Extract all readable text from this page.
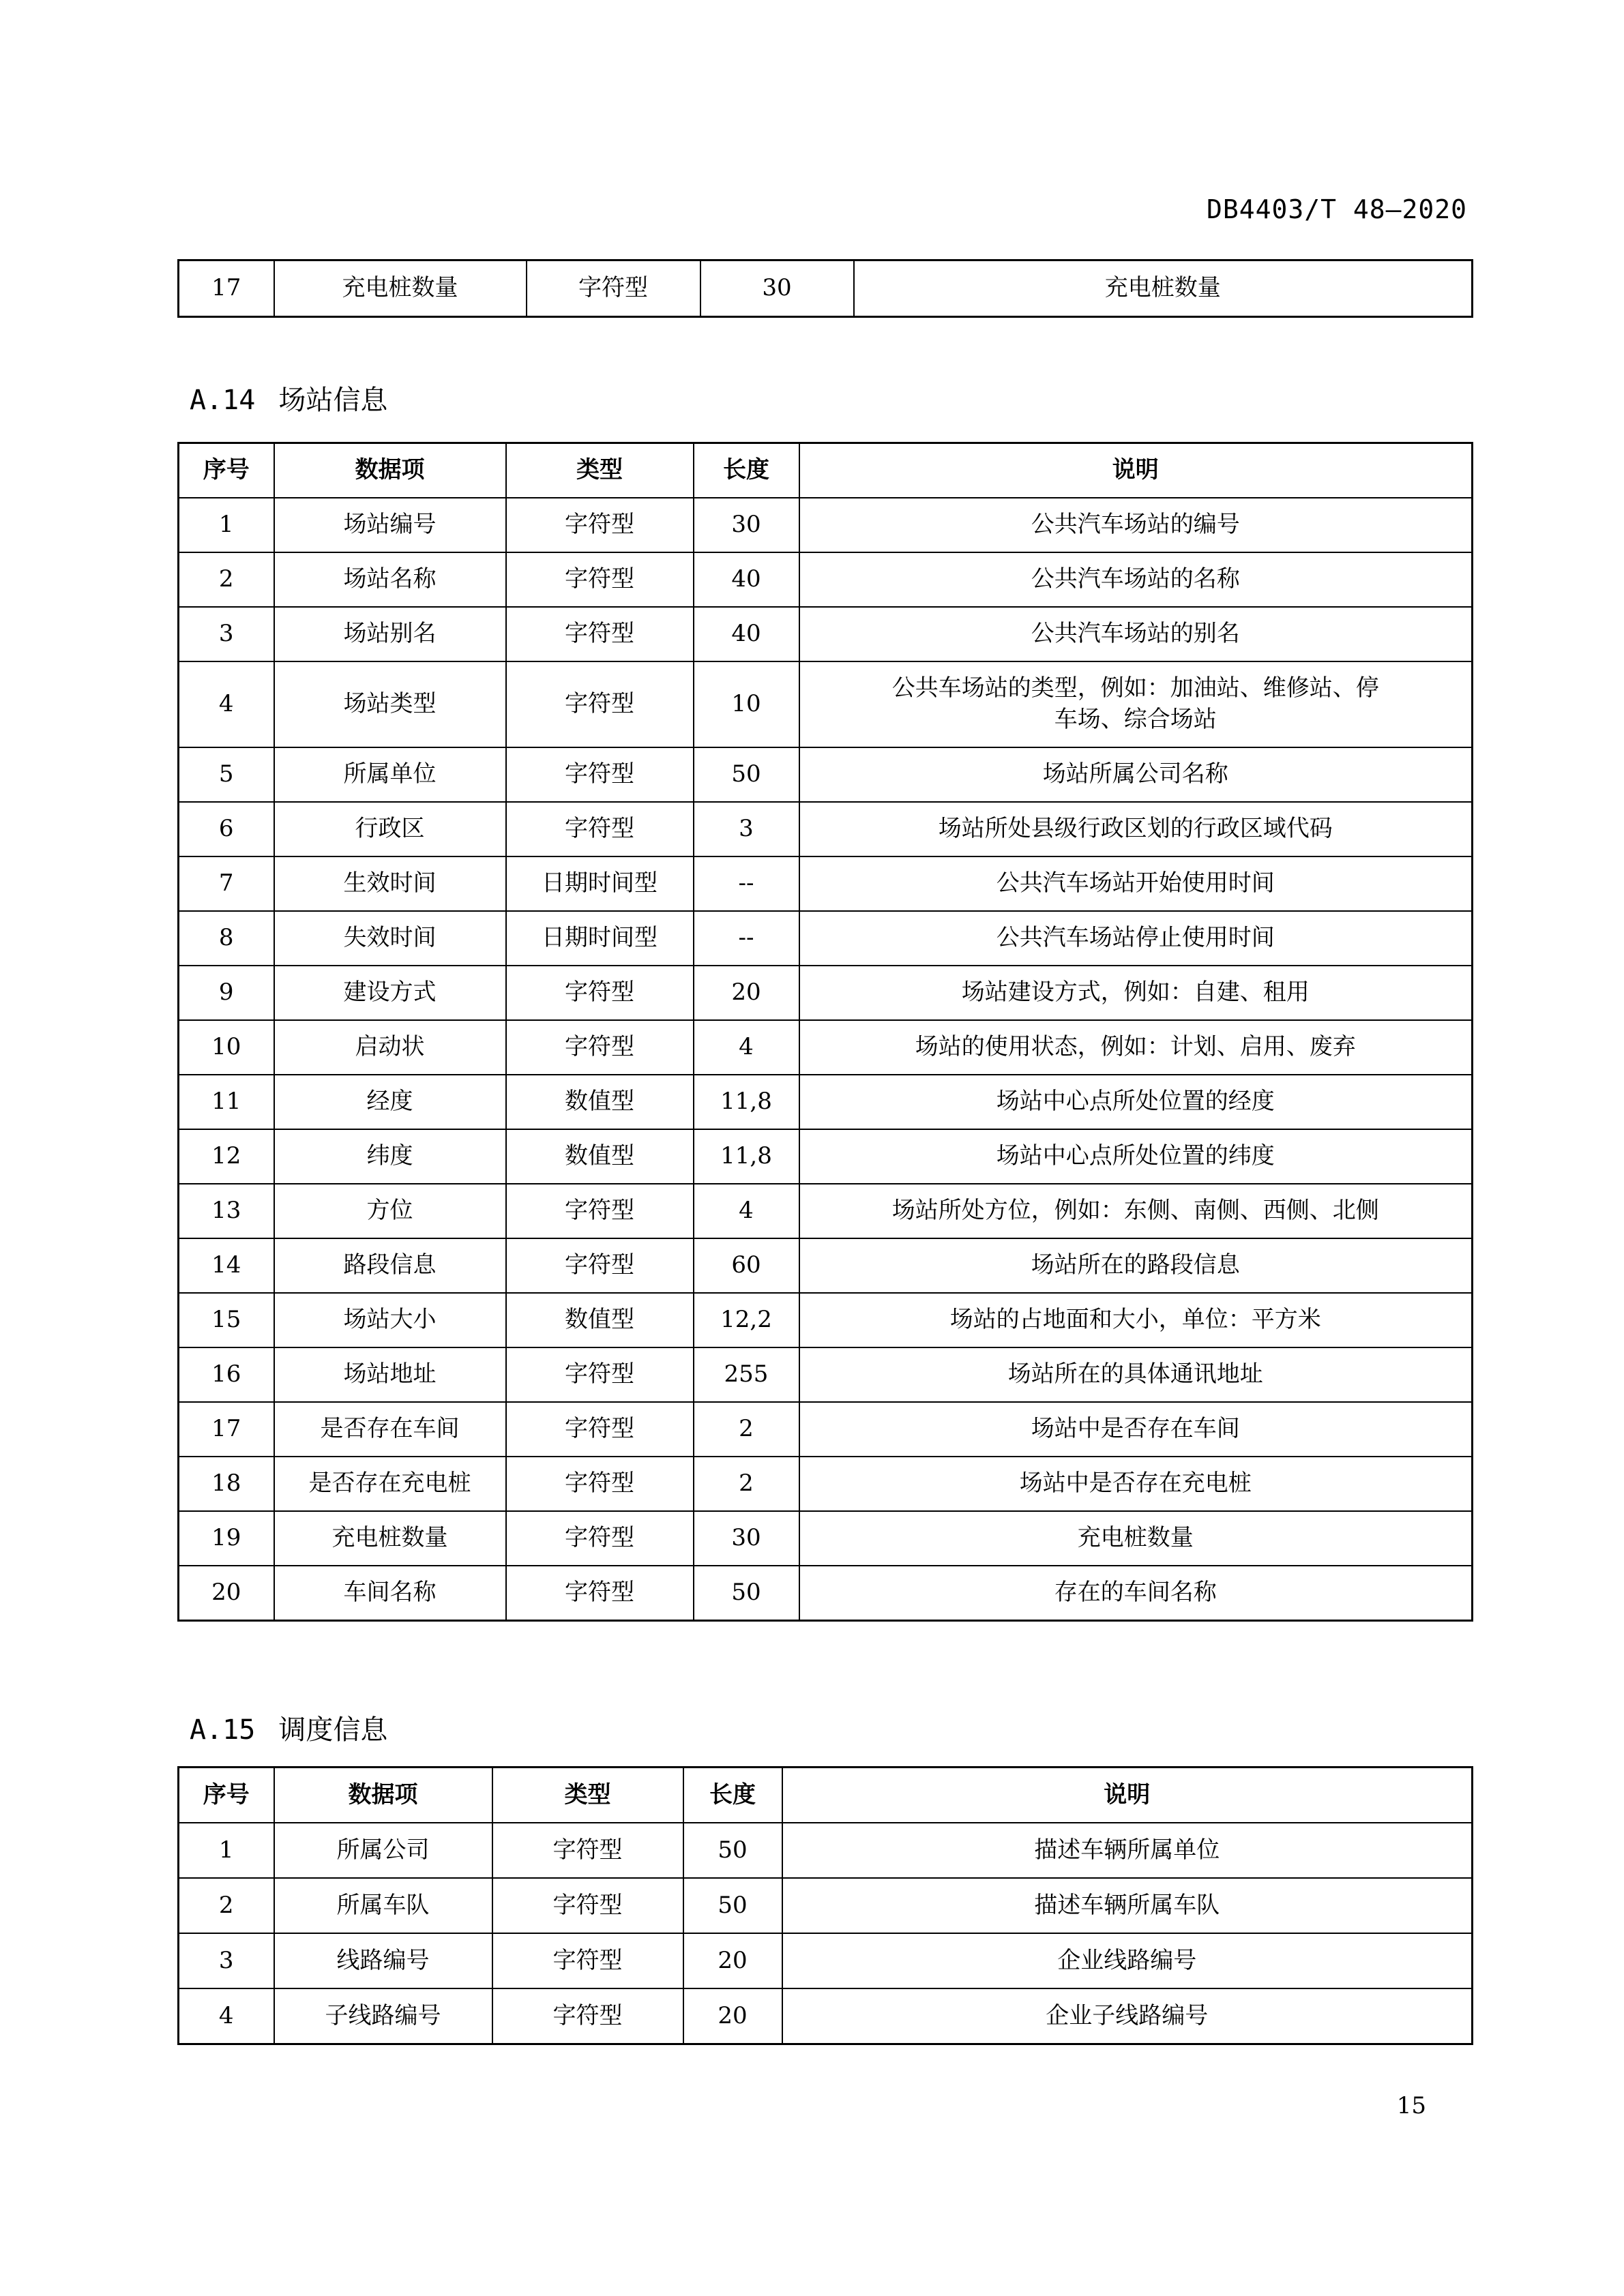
DB4403/T 48—2020
17	充电桩数量	字符型	30	充电桩数量
A.14 场站信息
序号	数据项	类型	长度	说明
1	场站编号	字符型	30	公共汽车场站的编号
2	场站名称	字符型	40	公共汽车场站的名称
3	场站别名	字符型	40	公共汽车场站的别名
4	场站类型	字符型	10	公共车场站的类型，例如：加油站、维修站、停车场、综合场站
5	所属单位	字符型	50	场站所属公司名称
6	行政区	字符型	3	场站所处县级行政区划的行政区域代码
7	生效时间	日期时间型	--	公共汽车场站开始使用时间
8	失效时间	日期时间型	--	公共汽车场站停止使用时间
9	建设方式	字符型	20	场站建设方式，例如：自建、租用
10	启动状	字符型	4	场站的使用状态，例如：计划、启用、废弃
11	经度	数值型	11,8	场站中心点所处位置的经度
12	纬度	数值型	11,8	场站中心点所处位置的纬度
13	方位	字符型	4	场站所处方位，例如：东侧、南侧、西侧、北侧
14	路段信息	字符型	60	场站所在的路段信息
15	场站大小	数值型	12,2	场站的占地面和大小，单位：平方米
16	场站地址	字符型	255	场站所在的具体通讯地址
17	是否存在车间	字符型	2	场站中是否存在车间
18	是否存在充电桩	字符型	2	场站中是否存在充电桩
19	充电桩数量	字符型	30	充电桩数量
20	车间名称	字符型	50	存在的车间名称
A.15 调度信息
序号	数据项	类型	长度	说明
1	所属公司	字符型	50	描述车辆所属单位
2	所属车队	字符型	50	描述车辆所属车队
3	线路编号	字符型	20	企业线路编号
4	子线路编号	字符型	20	企业子线路编号
15
